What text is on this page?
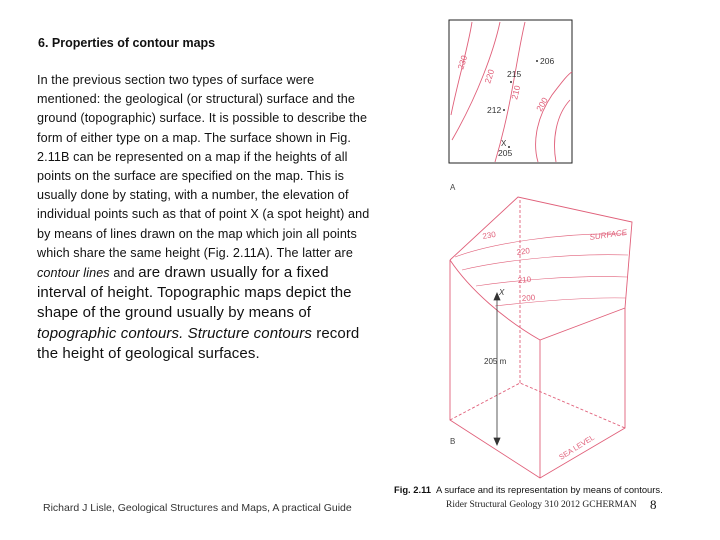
6. Properties of contour maps
In the previous section two types of surface were mentioned: the geological (or structural) surface and the ground (topographic) surface. It is possible to describe the form of either type on a map. The surface shown in Fig. 2.11B can be represented on a map if the heights of all points on the surface are specified on the map. This is usually done by stating, with a number, the elevation of individual points such as that of point X (a spot height) and by means of lines drawn on the map which join all points which share the same height (Fig. 2.11A). The latter are contour lines and are drawn usually for a fixed interval of height. Topographic maps depict the shape of the ground usually by means of topographic contours. Structure contours record the height of geological surfaces.
230
220
210
200
206
215
212
205
X
A
230
220
210
200
SURFACE
SEA LEVEL
X
205 m
B
Fig. 2.11 A surface and its representation by means of contours.
Richard J Lisle, Geological Structures and Maps, A practical Guide	Rider Structural Geology 310 2012 GCHERMAN 8
